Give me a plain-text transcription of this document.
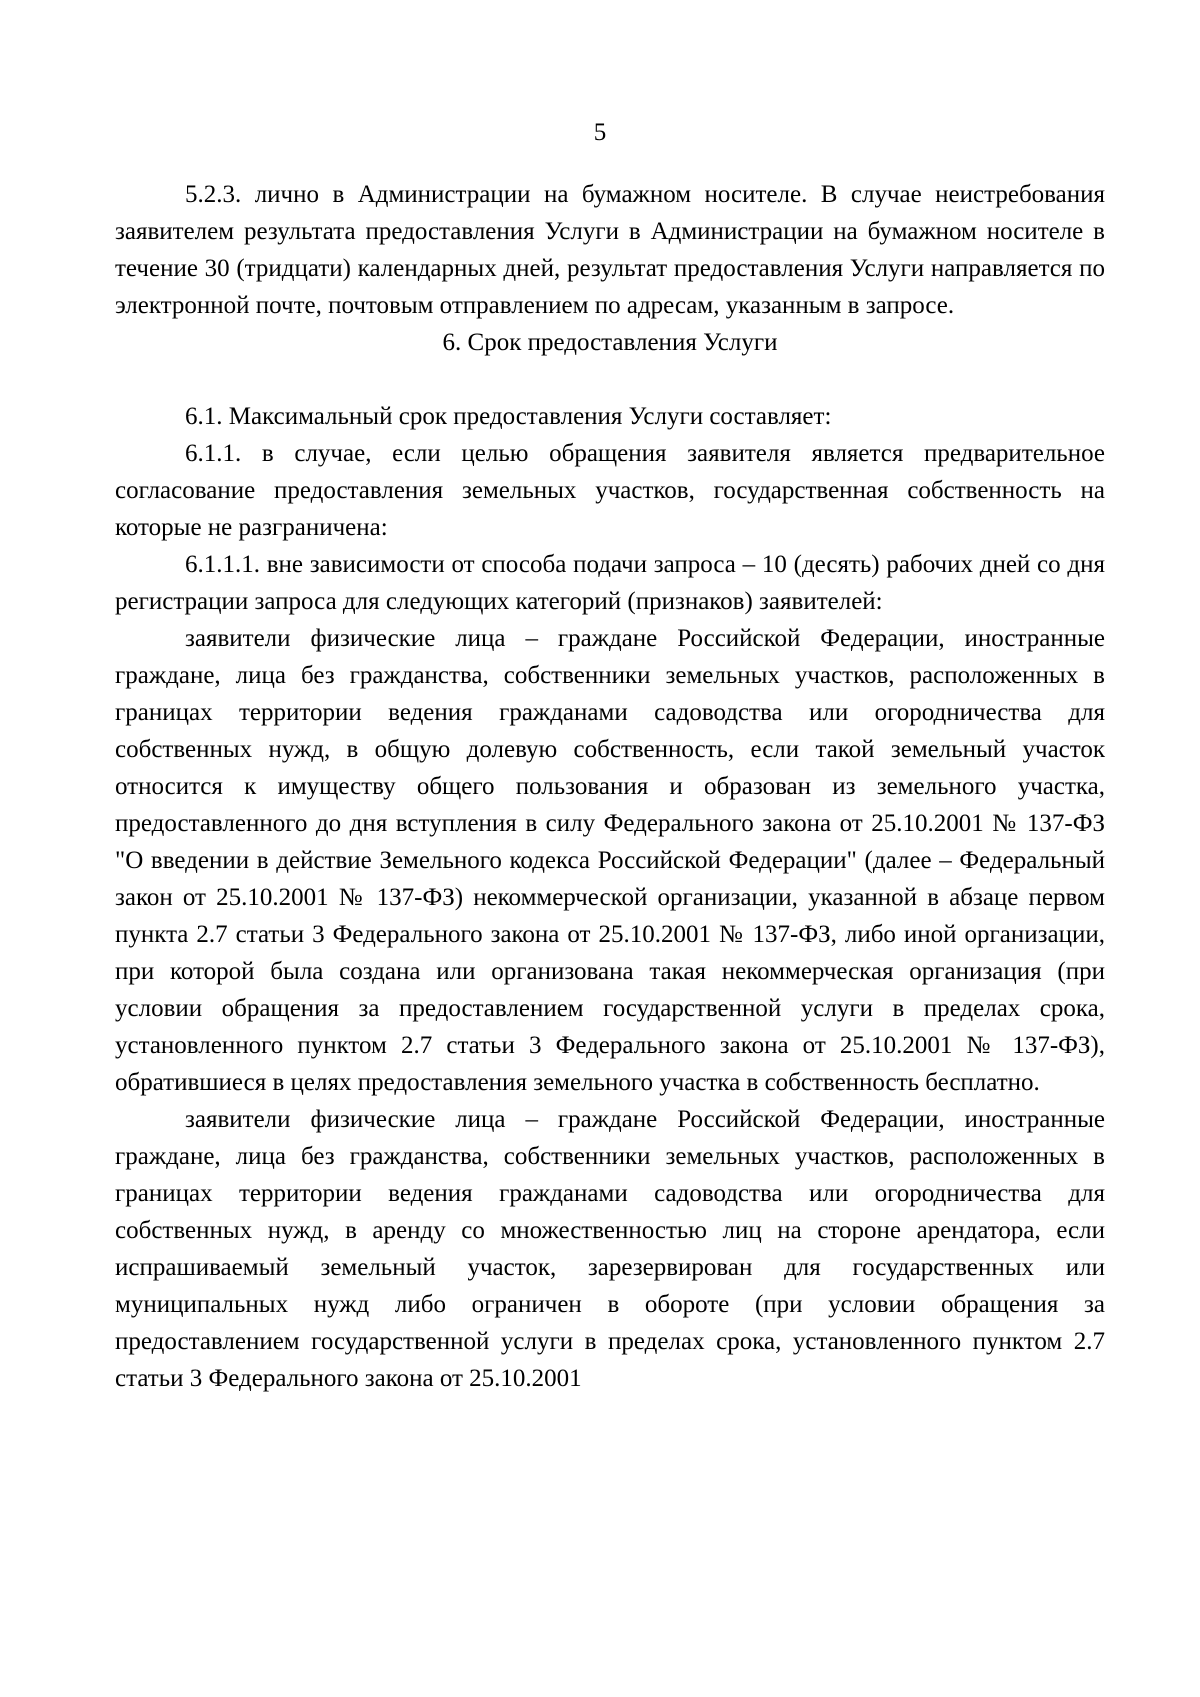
5

5.2.3. лично в Администрации на бумажном носителе. В случае неистребования заявителем результата предоставления Услуги в Администрации на бумажном носителе в течение 30 (тридцати) календарных дней, результат предоставления Услуги направляется по электронной почте, почтовым отправлением по адресам, указанным в запросе.

6. Срок предоставления Услуги

6.1. Максимальный срок предоставления Услуги составляет:

6.1.1. в случае, если целью обращения заявителя является предварительное согласование предоставления земельных участков, государственная собственность на которые не разграничена:

6.1.1.1. вне зависимости от способа подачи запроса – 10 (десять) рабочих дней со дня регистрации запроса для следующих категорий (признаков) заявителей:

заявители физические лица – граждане Российской Федерации, иностранные граждане, лица без гражданства, собственники земельных участков, расположенных в границах территории ведения гражданами садоводства или огородничества для собственных нужд, в общую долевую собственность, если такой земельный участок относится к имуществу общего пользования и образован из земельного участка, предоставленного до дня вступления в силу Федерального закона от 25.10.2001 № 137-ФЗ "О введении в действие Земельного кодекса Российской Федерации" (далее – Федеральный закон от 25.10.2001 № 137-ФЗ) некоммерческой организации, указанной в абзаце первом пункта 2.7 статьи 3 Федерального закона от 25.10.2001 № 137-ФЗ, либо иной организации, при которой была создана или организована такая некоммерческая организация (при условии обращения за предоставлением государственной услуги в пределах срока, установленного пунктом 2.7 статьи 3 Федерального закона от 25.10.2001 № 137-ФЗ), обратившиеся в целях предоставления земельного участка в собственность бесплатно.

заявители физические лица – граждане Российской Федерации, иностранные граждане, лица без гражданства, собственники земельных участков, расположенных в границах территории ведения гражданами садоводства или огородничества для собственных нужд, в аренду со множественностью лиц на стороне арендатора, если испрашиваемый земельный участок, зарезервирован для государственных или муниципальных нужд либо ограничен в обороте (при условии обращения за предоставлением государственной услуги в пределах срока, установленного пунктом 2.7 статьи 3 Федерального закона от 25.10.2001
